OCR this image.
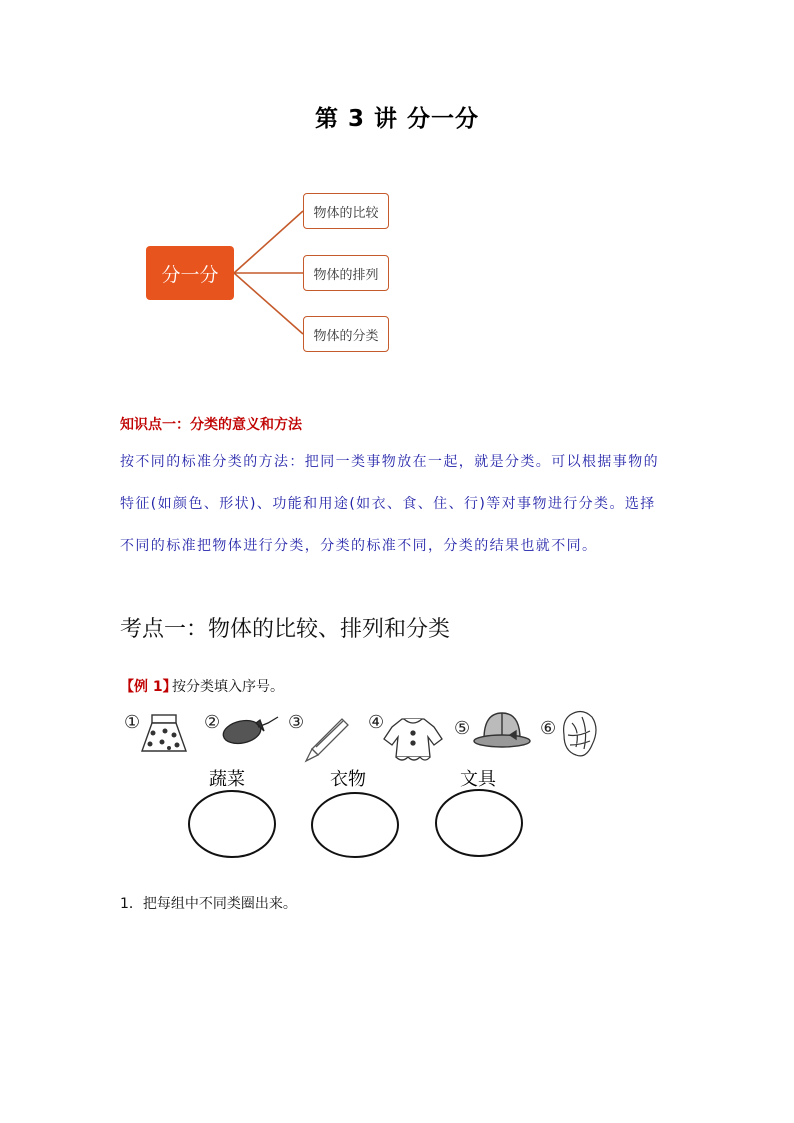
第 3 讲 分一分
分一分
物体的比较
物体的排列
物体的分类
知识点一：分类的意义和方法
按不同的标准分类的方法：把同一类事物放在一起，就是分类。可以根据事物的
特征(如颜色、形状)、功能和用途(如衣、食、住、行)等对事物进行分类。选择
不同的标准把物体进行分类，分类的标准不同，分类的结果也就不同。
考点一：物体的比较、排列和分类
【例 1】
按分类填入序号。
①	②	③	④	⑤	⑥
蔬菜	衣物	文具
1．把每组中不同类圈出来。
